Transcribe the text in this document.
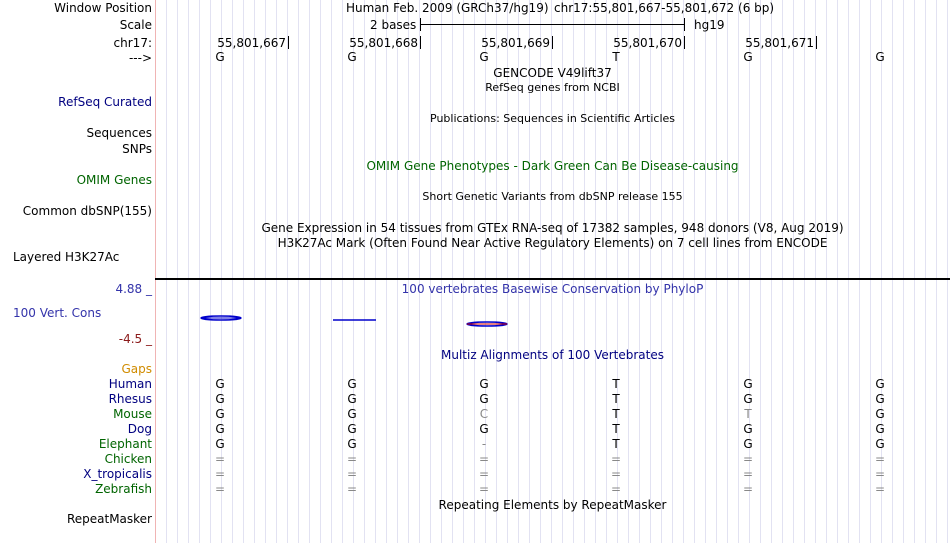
Window Position	Human Feb. 2009 (GRCh37/hg19) chr17:55,801,667-55,801,672 (6 bp)
Scale	2 bases	hg19
chr17:	55,801,667	55,801,668	55,801,669	55,801,670	55,801,671
--->	G	G	G	T	G	G
GENCODE V49lift37
RefSeq genes from NCBI
RefSeq Curated
Publications: Sequences in Scientific Articles
Sequences
SNPs
OMIM Gene Phenotypes - Dark Green Can Be Disease-causing
OMIM Genes
Short Genetic Variants from dbSNP release 155
Common dbSNP(155)
Gene Expression in 54 tissues from GTEx RNA-seq of 17382 samples, 948 donors (V8, Aug 2019)
H3K27Ac Mark (Often Found Near Active Regulatory Elements) on 7 cell lines from ENCODE
Layered H3K27Ac
4.88 _	100 vertebrates Basewise Conservation by PhyloP
100 Vert. Cons
-4.5 _
Multiz Alignments of 100 Vertebrates
Gaps
Human	G	G	G	T	G	G
Rhesus	G	G	G	T	G	G
Mouse	G	G	C	T	T	G
Dog	G	G	G	T	G	G
Elephant	G	G	-	T	G	G
Chicken	=	=	=	=	=	=
X_tropicalis	=	=	=	=	=	=
Zebrafish	=	=	=	=	=	=
Repeating Elements by RepeatMasker
RepeatMasker
